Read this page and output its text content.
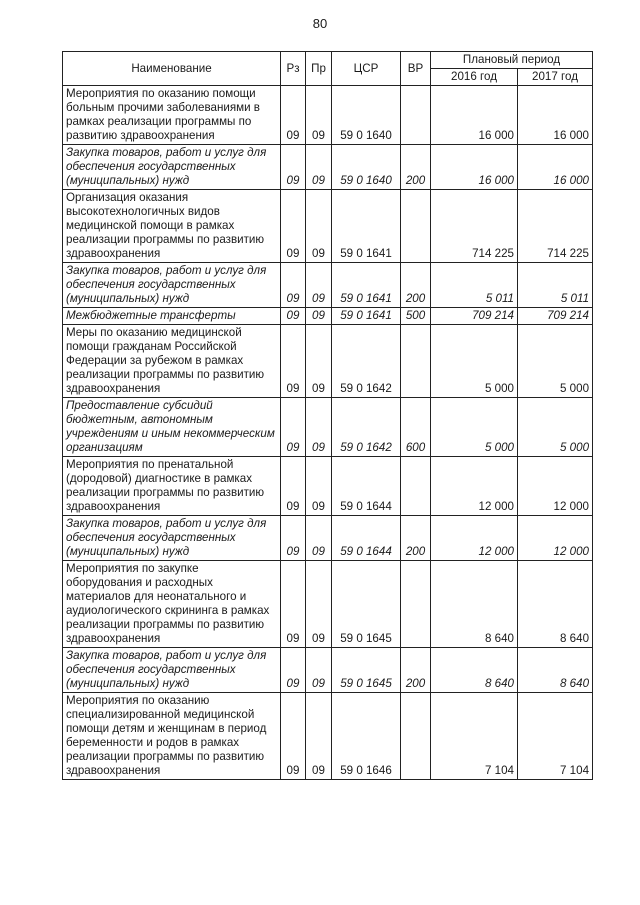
80
Наименование	Рз	Пр	ЦСР	ВР	Плановый период	
					2016 год	2017 год
Мероприятия по оказанию помощи больным прочими заболеваниями в рамках реализации программы по развитию здравоохранения	09	09	59 0 1640		16 000	16 000
Закупка товаров, работ и услуг для обеспечения государственных (муниципальных) нужд	09	09	59 0 1640	200	16 000	16 000
Организация оказания высокотехнологичных видов медицинской помощи в рамках реализации программы по развитию здравоохранения	09	09	59 0 1641		714 225	714 225
Закупка товаров, работ и услуг для обеспечения государственных (муниципальных) нужд	09	09	59 0 1641	200	5 011	5 011
Межбюджетные трансферты	09	09	59 0 1641	500	709 214	709 214
Меры по оказанию медицинской помощи гражданам Российской Федерации за рубежом в рамках реализации программы по развитию здравоохранения	09	09	59 0 1642		5 000	5 000
Предоставление субсидий бюджетным, автономным учреждениям и иным некоммерческим организациям	09	09	59 0 1642	600	5 000	5 000
Мероприятия по пренатальной (дородовой) диагностике в рамках реализации программы по развитию здравоохранения	09	09	59 0 1644		12 000	12 000
Закупка товаров, работ и услуг для обеспечения государственных (муниципальных) нужд	09	09	59 0 1644	200	12 000	12 000
Мероприятия по закупке оборудования и расходных материалов для неонатального и аудиологического скрининга в рамках реализации программы по развитию здравоохранения	09	09	59 0 1645		8 640	8 640
Закупка товаров, работ и услуг для обеспечения государственных (муниципальных) нужд	09	09	59 0 1645	200	8 640	8 640
Мероприятия по оказанию специализированной медицинской помощи детям и женщинам в период беременности и родов в рамках реализации программы по развитию здравоохранения	09	09	59 0 1646		7 104	7 104
